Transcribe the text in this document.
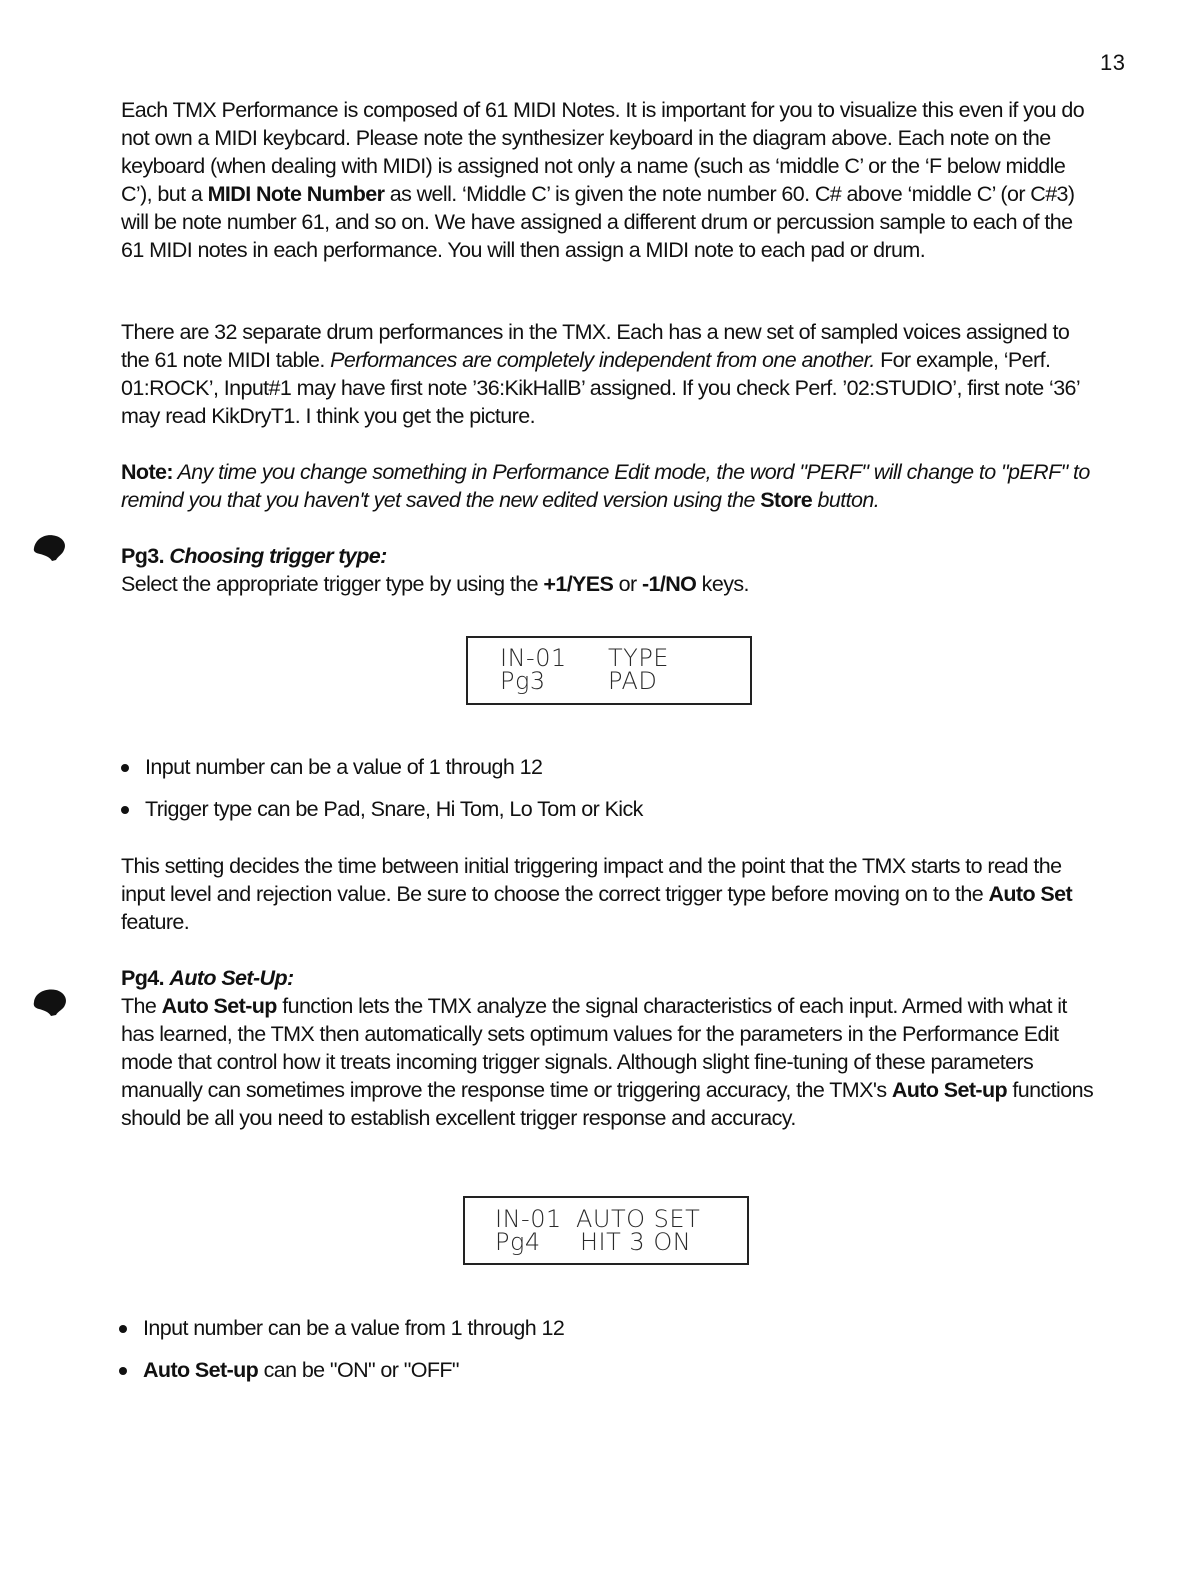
13

Each TMX Performance is composed of 61 MIDI Notes. It is important for you to visualize this even if you do not own a MIDI keybcard. Please note the synthesizer keyboard in the diagram above. Each note on the keyboard (when dealing with MIDI) is assigned not only a name (such as ‘middle C’ or the ‘F below middle C’), but a MIDI Note Number as well. ‘Middle C’ is given the note number 60. C# above ‘middle C’ (or C#3) will be note number 61, and so on. We have assigned a different drum or percussion sample to each of the 61 MIDI notes in each performance. You will then assign a MIDI note to each pad or drum.

There are 32 separate drum performances in the TMX. Each has a new set of sampled voices assigned to the 61 note MIDI table. Performances are completely independent from one another. For example, ‘Perf. 01:ROCK’, Input#1 may have first note ’36:KikHallB’ assigned. If you check Perf. ’02:STUDIO’, first note ‘36’ may read KikDryT1. I think you get the picture.

Note: Any time you change something in Performance Edit mode, the word "PERF" will change to "pERF" to remind you that you haven't yet saved the new edited version using the Store button.

Pg3. Choosing trigger type:
Select the appropriate trigger type by using the +1/YES or -1/NO keys.
IN-01 TYPE
Pg3	PAD
Input number can be a value of 1 through 12
Trigger type can be Pad, Snare, Hi Tom, Lo Tom or Kick

This setting decides the time between initial triggering impact and the point that the TMX starts to read the input level and rejection value. Be sure to choose the correct trigger type before moving on to the Auto Set feature.

Pg4. Auto Set-Up:
The Auto Set-up function lets the TMX analyze the signal characteristics of each input. Armed with what it has learned, the TMX then automatically sets optimum values for the parameters in the Performance Edit mode that control how it treats incoming trigger signals. Although slight fine-tuning of these parameters manually can sometimes improve the response time or triggering accuracy, the TMX's Auto Set-up functions should be all you need to establish excellent trigger response and accuracy.
IN-01 AUTO SET
Pg4 HIT 3 ON
Input number can be a value from 1 through 12
Auto Set-up can be "ON" or "OFF"
